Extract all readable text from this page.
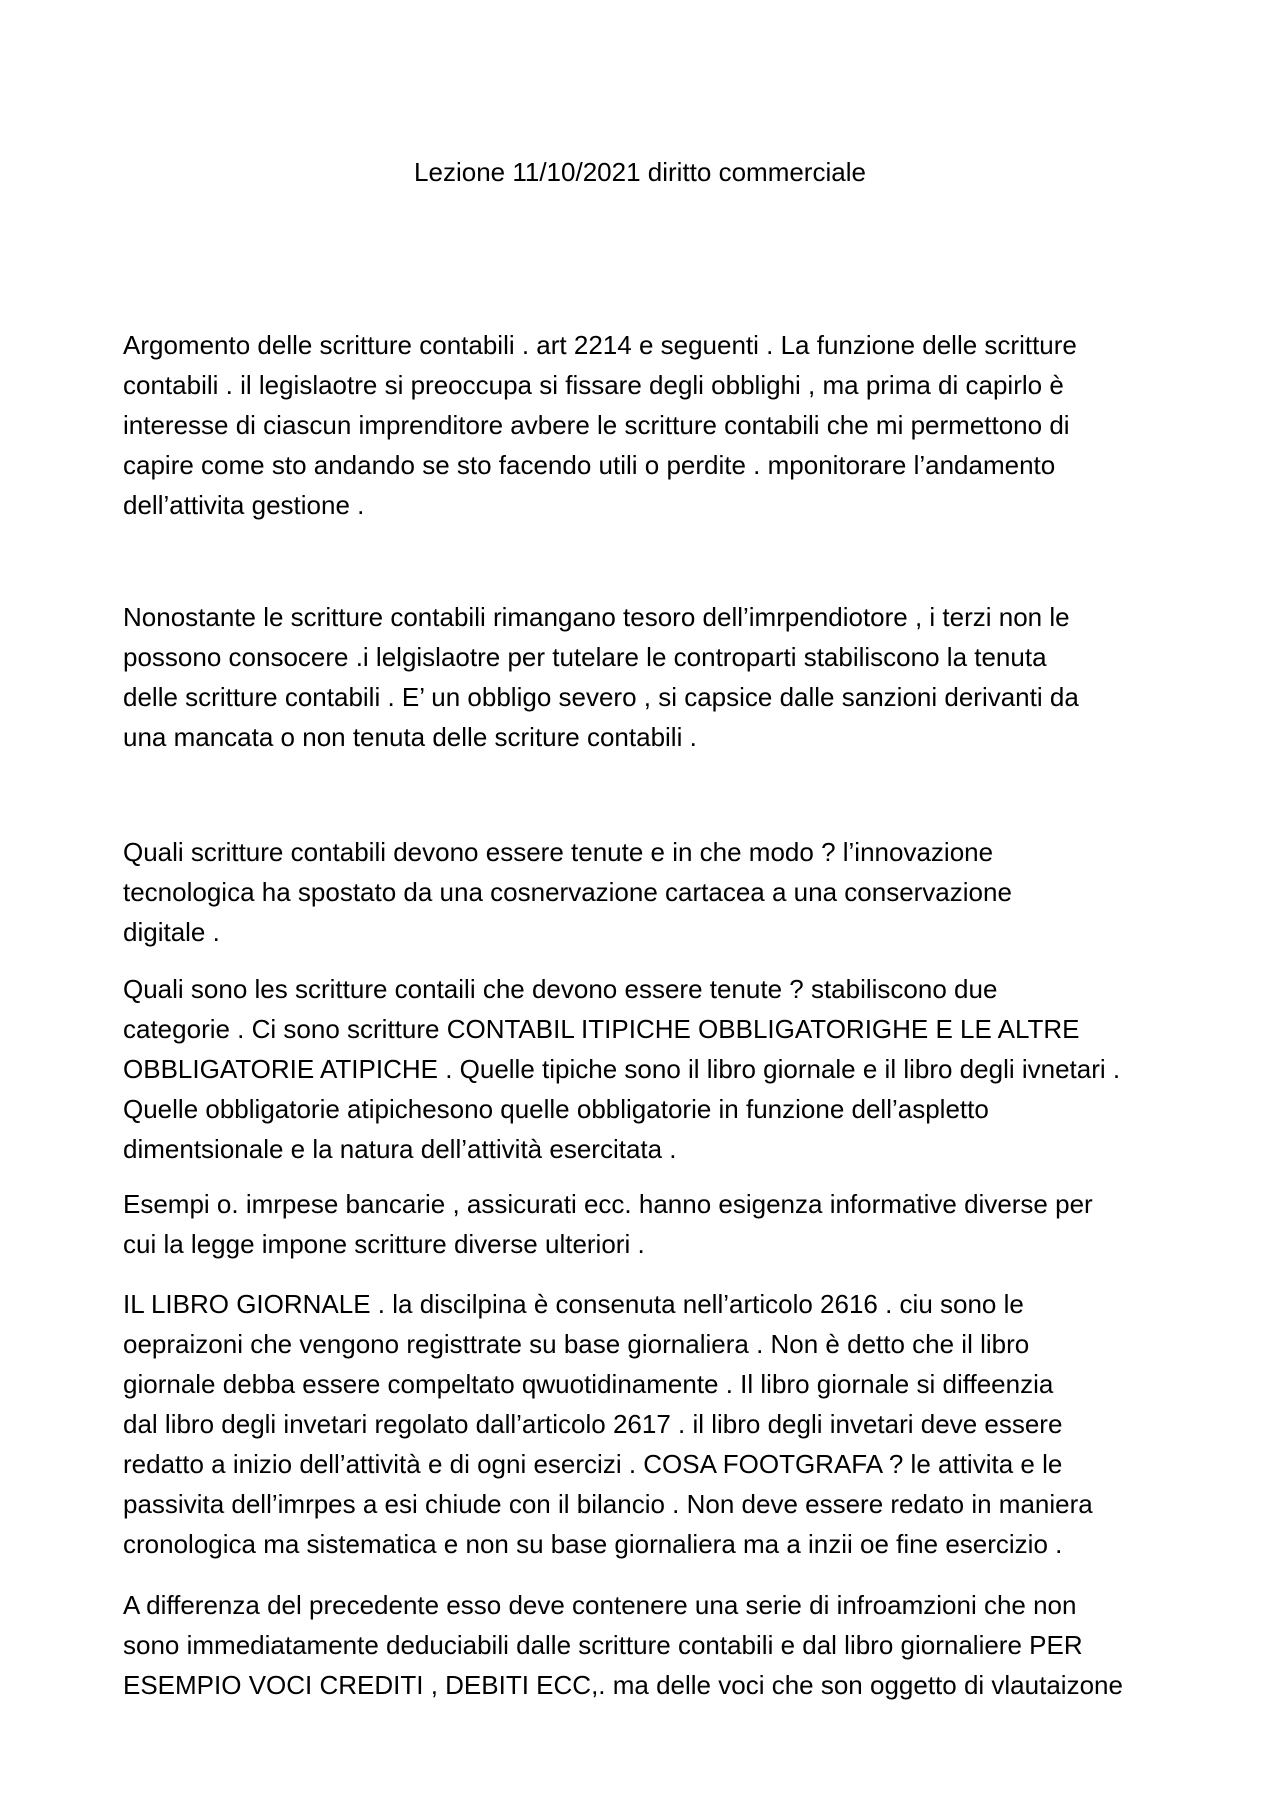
Lezione 11/10/2021 diritto commerciale

Argomento delle scritture contabili . art 2214 e seguenti . La funzione delle scritture
contabili . il legislaotre si preoccupa si fissare degli obblighi , ma prima di capirlo è
interesse di ciascun imprenditore avbere le scritture contabili che mi permettono di
capire come sto andando se sto facendo utili o perdite . mponitorare l’andamento
dell’attivita gestione .

Nonostante le scritture contabili rimangano tesoro dell’imrpendiotore , i terzi non le
possono consocere .i lelgislaotre per tutelare le controparti stabiliscono la tenuta
delle scritture contabili . E’ un obbligo severo , si capsice dalle sanzioni derivanti da
una mancata o non tenuta delle scriture contabili .

Quali scritture contabili devono essere tenute e in che modo ? l’innovazione
tecnologica ha spostato da una cosnervazione cartacea a una conservazione
digitale .

Quali sono les scritture contaili che devono essere tenute ? stabiliscono due
categorie . Ci sono scritture CONTABIL ITIPICHE OBBLIGATORIGHE E LE ALTRE
OBBLIGATORIE ATIPICHE . Quelle tipiche sono il libro giornale e il libro degli ivnetari .
Quelle obbligatorie atipichesono quelle obbligatorie in funzione dell’aspletto
dimentsionale e la natura dell’attività esercitata .

Esempi o. imrpese bancarie , assicurati ecc. hanno esigenza informative diverse per
cui la legge impone scritture diverse ulteriori .

IL LIBRO GIORNALE . la discilpina è consenuta nell’articolo 2616 . ciu sono le
oepraizoni che vengono registtrate su base giornaliera . Non è detto che il libro
giornale debba essere compeltato qwuotidinamente . Il libro giornale si diffeenzia
dal libro degli invetari regolato dall’articolo 2617 . il libro degli invetari deve essere
redatto a inizio dell’attività e di ogni esercizi . COSA FOOTGRAFA ? le attivita e le
passivita dell’imrpes a esi chiude con il bilancio . Non deve essere redato in maniera
cronologica ma sistematica e non su base giornaliera ma a inzii oe fine esercizio .

A differenza del precedente esso deve contenere una serie di infroamzioni che non
sono immediatamente deduciabili dalle scritture contabili e dal libro giornaliere PER
ESEMPIO VOCI CREDITI , DEBITI ECC,. ma delle voci che son oggetto di vlautaizone
